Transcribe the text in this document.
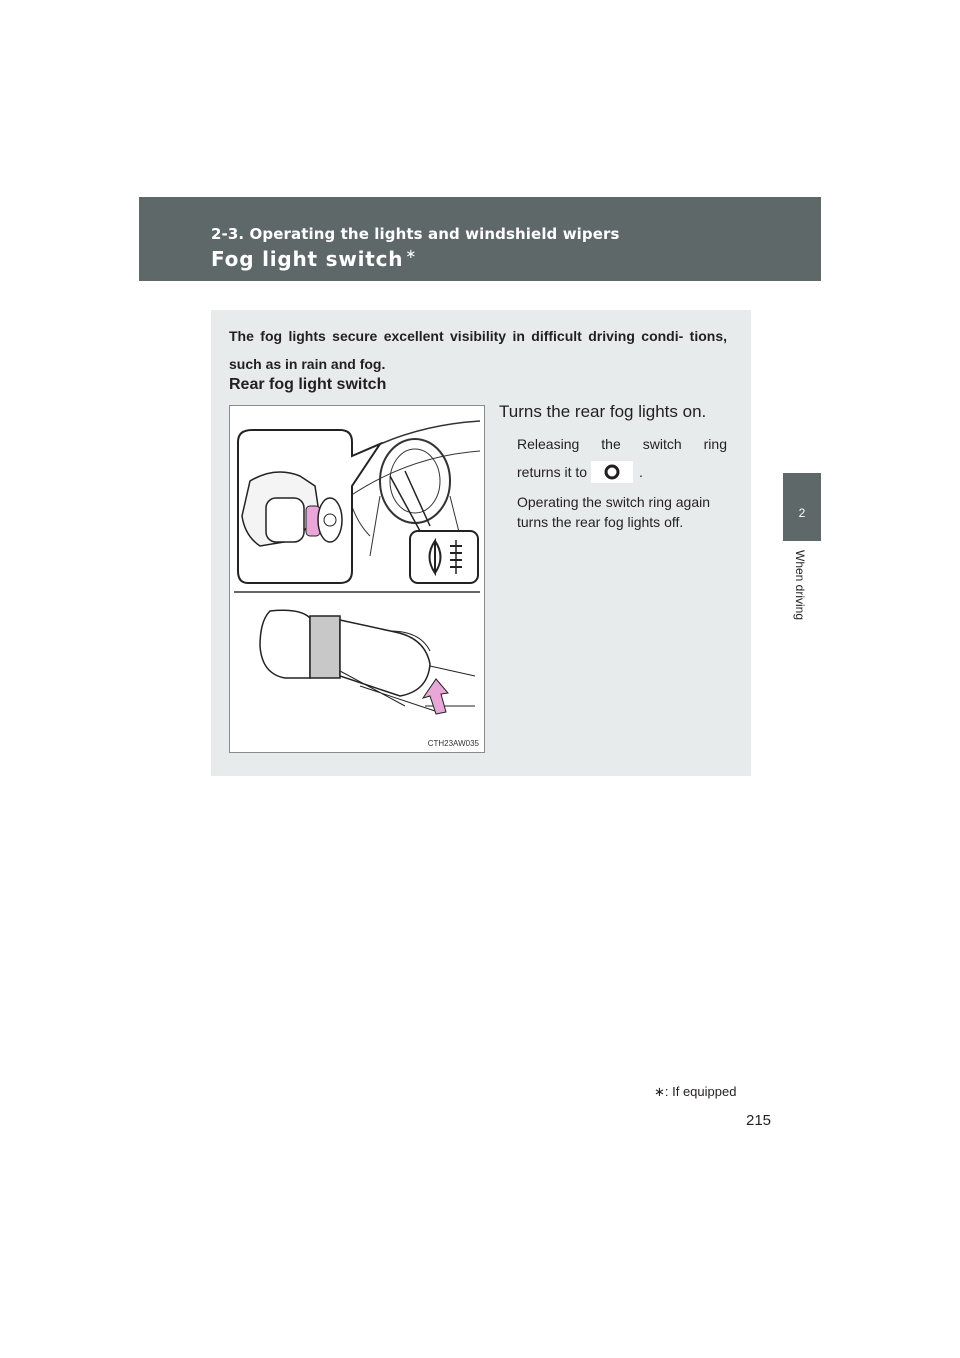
2-3. Operating the lights and windshield wipers
Fog light switch ∗
2
When driving
The fog lights secure excellent visibility in difficult driving condi- tions, such as in rain and fog.
Rear fog light switch
CTH23AW035
Turns the rear fog lights on.
Releasing the switch ring
returns it to	.
Operating the switch ring again turns the rear fog lights off.
∗: If equipped
215
